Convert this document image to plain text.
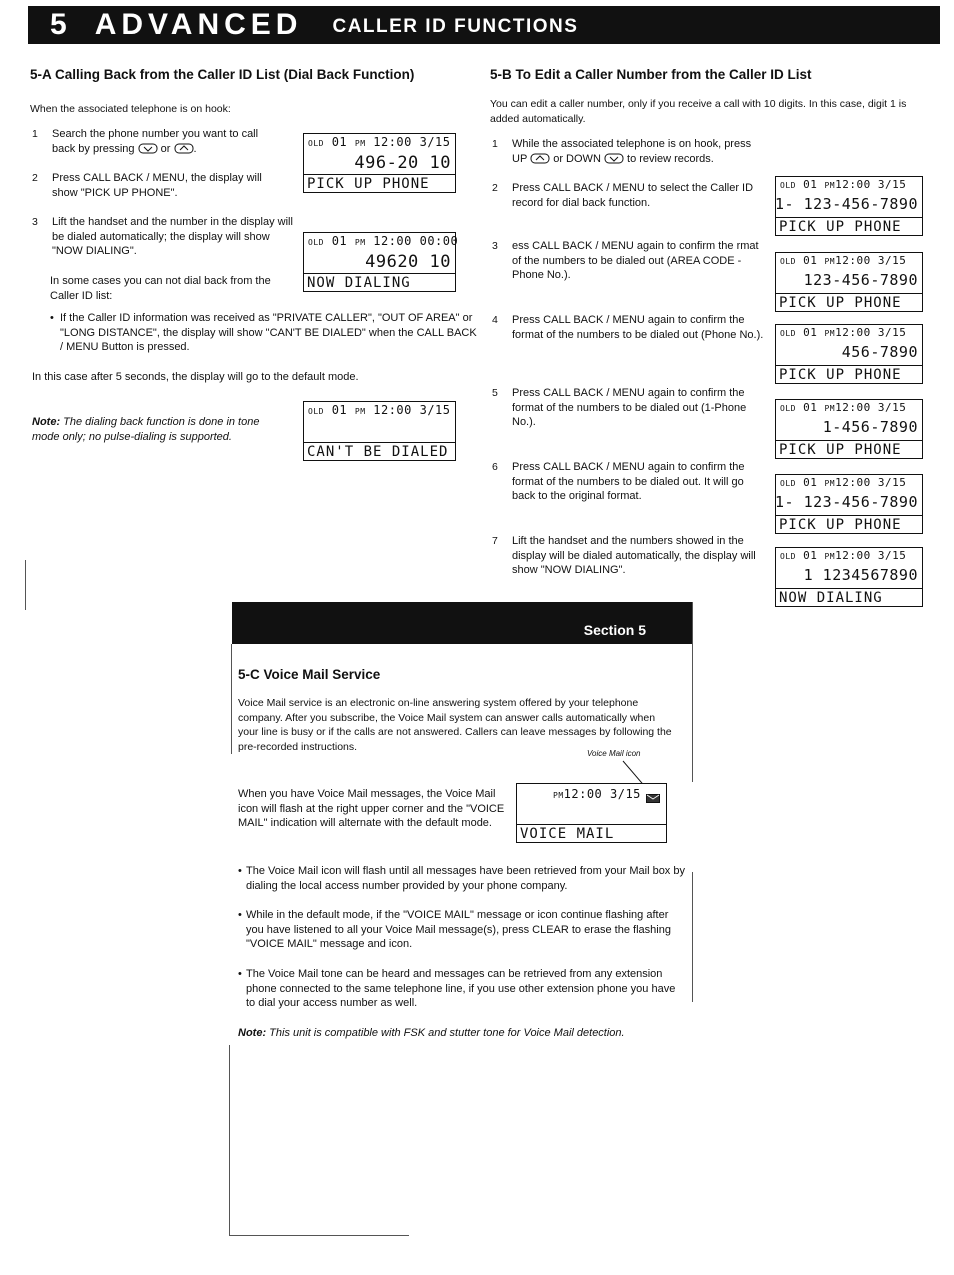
5 ADVANCED CALLER ID FUNCTIONS
5-A Calling Back from the Caller ID List (Dial Back Function)
When the associated telephone is on hook:
1	Search the phone number you want to call back by pressing or .
2	Press CALL BACK / MENU, the display will show "PICK UP PHONE".
3	Lift the handset and the number in the display will be dialed automatically; the display will show "NOW DIALING".
In some cases you can not dial back from the Caller ID list:
• If the Caller ID information was received as "PRIVATE CALLER", "OUT OF AREA" or "LONG DISTANCE", the display will show "CAN'T BE DIALED" when the CALL BACK / MENU Button is pressed.
In this case after 5 seconds, the display will go to the default mode.
Note: The dialing back function is done in tone mode only; no pulse-dialing is supported.
OLD 01 PM 12:00 3/15
496-20 10
PICK UP PHONE
OLD 01 PM 12:00 00:00
49620 10
NOW DIALING
OLD 01 PM 12:00 3/15
CAN'T BE DIALED
5-B To Edit a Caller Number from the Caller ID List
You can edit a caller number, only if you receive a call with 10 digits. In this case, digit 1 is added automatically.
1	While the associated telephone is on hook, press UP or DOWN to review records.
2	Press CALL BACK / MENU to select the Caller ID record for dial back function.
3	ess CALL BACK / MENU again to confirm the rmat of the numbers to be dialed out (AREA CODE -Phone No.).
4	Press CALL BACK / MENU again to confirm the format of the numbers to be dialed out (Phone No.).
5	Press CALL BACK / MENU again to confirm the format of the numbers to be dialed out (1-Phone No.).
6	Press CALL BACK / MENU again to confirm the format of the numbers to be dialed out. It will go back to the original format.
7	Lift the handset and the numbers showed in the display will be dialed automatically, the display will show "NOW DIALING".
OLD 01 PM12:00 3/15
1- 123-456-7890
PICK UP PHONE
OLD 01 PM12:00 3/15
123-456-7890
PICK UP PHONE
OLD 01 PM12:00 3/15
456-7890
PICK UP PHONE
OLD 01 PM12:00 3/15
1-456-7890
PICK UP PHONE
OLD 01 PM12:00 3/15
1- 123-456-7890
PICK UP PHONE
OLD 01 PM12:00 3/15
1 1234567890
NOW DIALING
Section 5
5-C Voice Mail Service
Voice Mail service is an electronic on-line answering system offered by your telephone company. After you subscribe, the Voice Mail system can answer calls automatically when your line is busy or if the calls are not answered. Callers can leave messages by following the pre-recorded instructions.
Voice Mail icon
When you have Voice Mail messages, the Voice Mail icon will flash at the right upper corner and the "VOICE MAIL" indication will alternate with the default mode.
PM12:00 3/15
VOICE MAIL
• The Voice Mail icon will flash until all messages have been retrieved from your Mail box by dialing the local access number provided by your phone company.
• While in the default mode, if the "VOICE MAIL" message or icon continue flashing after you have listened to all your Voice Mail message(s), press CLEAR to erase the flashing "VOICE MAIL" message and icon.
• The Voice Mail tone can be heard and messages can be retrieved from any extension phone connected to the same telephone line, if you use other extension phone you have to dial your access number as well.
Note: This unit is compatible with FSK and stutter tone for Voice Mail detection.
